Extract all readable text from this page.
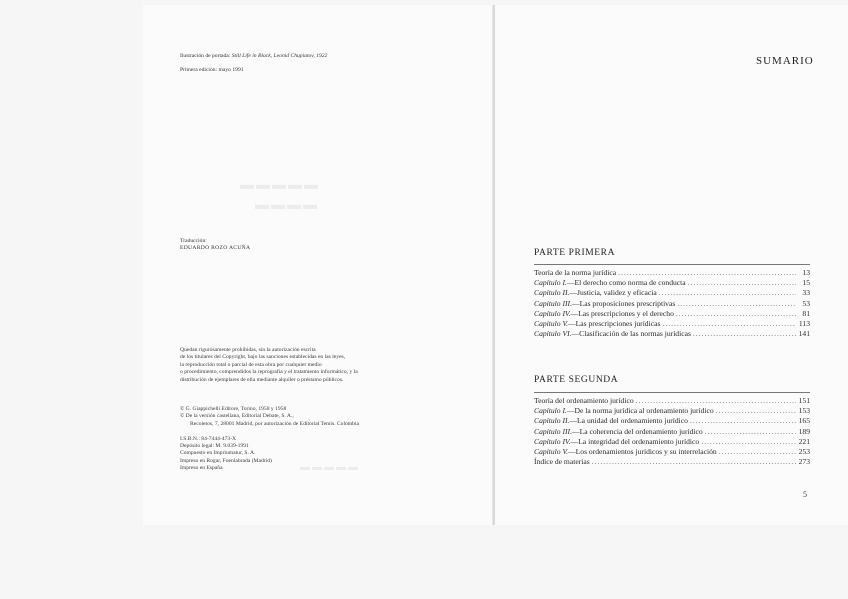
▬▬▬▬▬
▬▬▬▬
▬▬▬▬▬
Ilustración de portada: Still Life in Black, Leonid Chupiatov, 1922
Primera edición: mayo 1991
Traducción:
EDUARDO ROZO ACUÑA
Quedan rigurosamente prohibidas, sin la autorización escrita
de los titulares del Copyright, bajo las sanciones establecidas en las leyes,
la reproducción total o parcial de esta obra por cualquier medio
o procedimiento, comprendidos la reprografía y el tratamiento informático, y la
distribución de ejemplares de ella mediante alquiler o préstamo públicos.
© G. Giappichelli Editore, Torino, 1958 y 1958
© De la versión castellana, Editorial Debate, S. A.,
Recoletos, 7, 28001 Madrid, por autorización de Editorial Temis. Colombia
I.S.B.N.: 84-7444-473-X
Depósito legal: M. 9.039-1991
Compuesto en Impriumatur, S. A.
Impreso en Rogar, Fuenlabrada (Madrid)
Impreso en España
SUMARIO
PARTE PRIMERA
Teoría de la norma jurídica .....	13
Capítulo I.—El derecho como norma de conducta .....	15
Capítulo II.—Justicia, validez y eficacia .....	33
Capítulo III.—Las proposiciones prescriptivas .....	53
Capítulo IV.—Las prescripciones y el derecho .....	81
Capítulo V.—Las prescripciones jurídicas .....	113
Capítulo VI.—Clasificación de las normas jurídicas .....	141
PARTE SEGUNDA
Teoría del ordenamiento jurídico .....	151
Capítulo I.—De la norma jurídica al ordenamiento jurídico .....	153
Capítulo II.—La unidad del ordenamiento jurídico .....	165
Capítulo III.—La coherencia del ordenamiento jurídico .....	189
Capítulo IV.—La integridad del ordenamiento jurídico .....	221
Capítulo V.—Los ordenamientos jurídicos y su interrelación .....	253
Índice de materias .....	273
5
